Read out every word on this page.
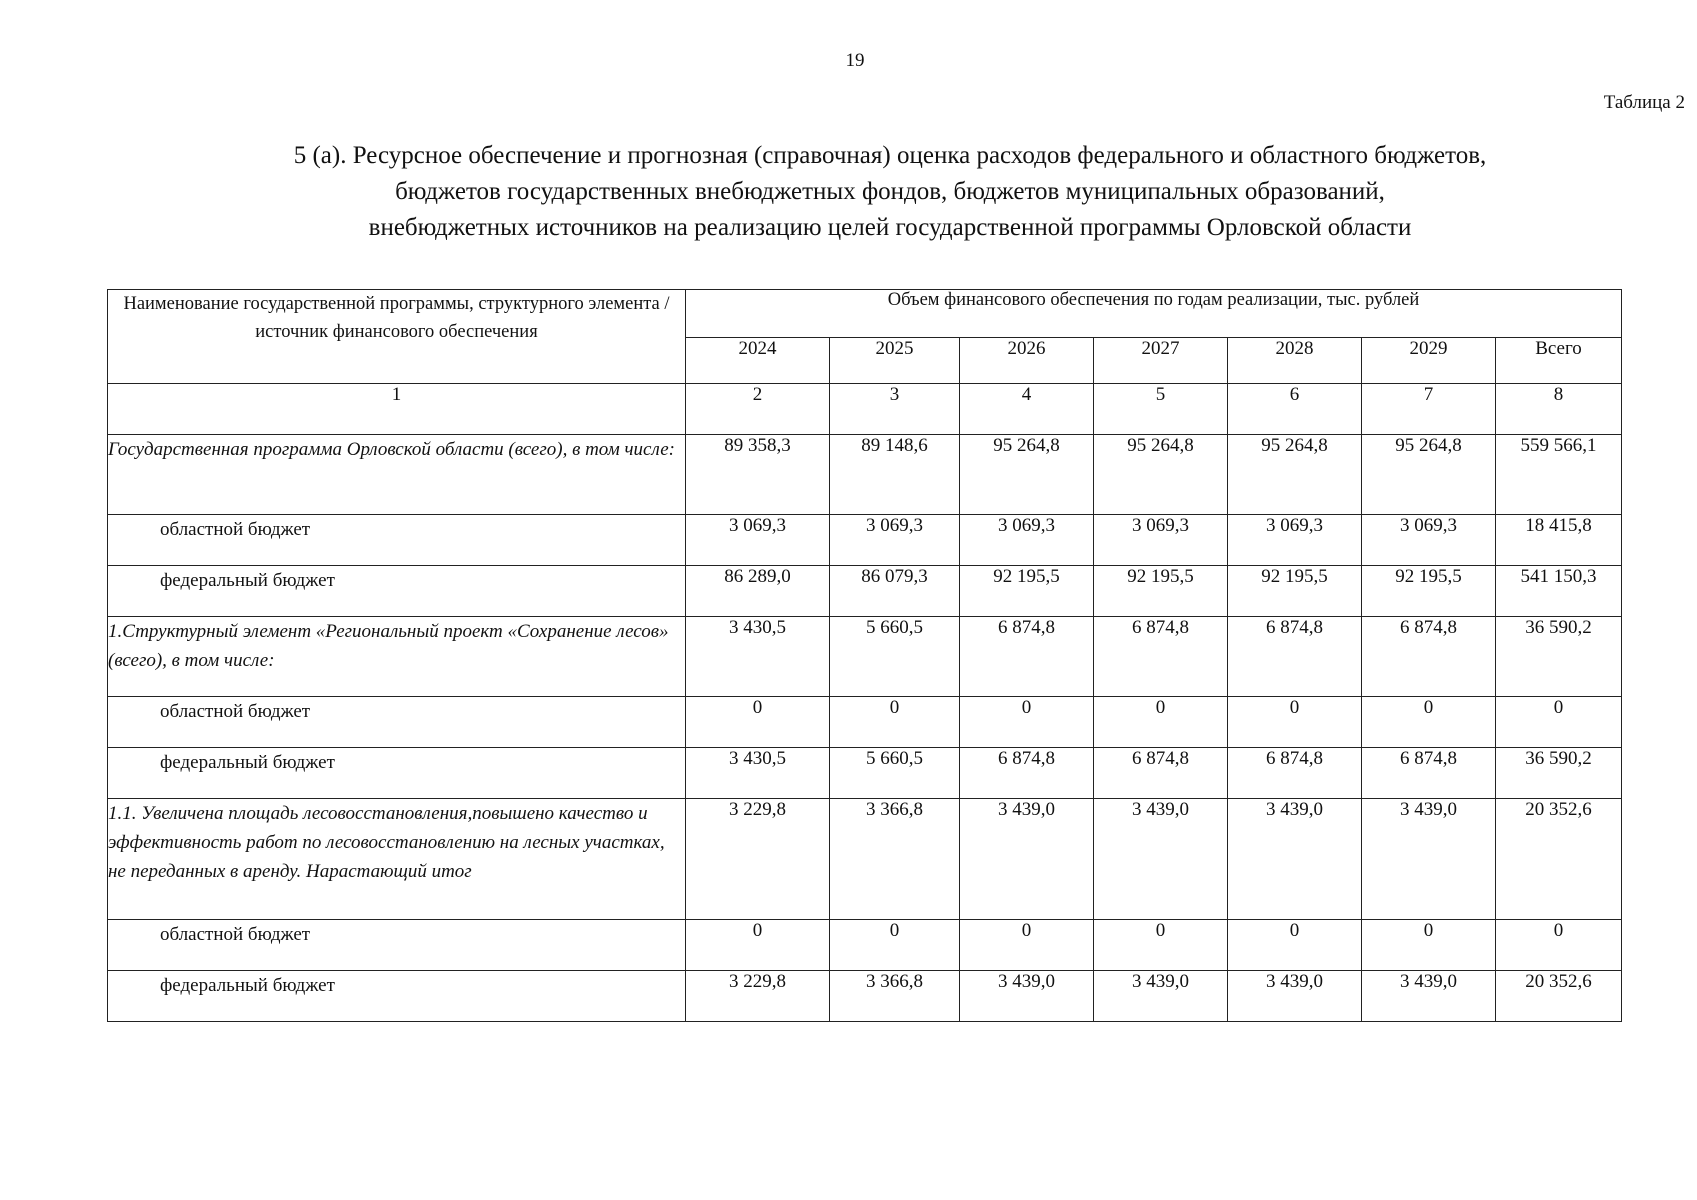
19
Таблица 2
5 (а). Ресурсное обеспечение и прогнозная (справочная) оценка расходов федерального и областного бюджетов,
бюджетов государственных внебюджетных фондов, бюджетов муниципальных образований,
внебюджетных источников на реализацию целей государственной программы Орловской области
Наименование государственной программы, структурного элемента / источник финансового обеспечения	Объем финансового обеспечения по годам реализации, тыс. рублей						
	2024	2025	2026	2027	2028	2029	Всего
1	2	3	4	5	6	7	8
Государственная программа Орловской области (всего), в том числе:	89 358,3	89 148,6	95 264,8	95 264,8	95 264,8	95 264,8	559 566,1
областной бюджет	3 069,3	3 069,3	3 069,3	3 069,3	3 069,3	3 069,3	18 415,8
федеральный бюджет	86 289,0	86 079,3	92 195,5	92 195,5	92 195,5	92 195,5	541 150,3
1.Структурный элемент «Региональный проект «Сохранение лесов» (всего), в том числе:	3 430,5	5 660,5	6 874,8	6 874,8	6 874,8	6 874,8	36 590,2
областной бюджет	0	0	0	0	0	0	0
федеральный бюджет	3 430,5	5 660,5	6 874,8	6 874,8	6 874,8	6 874,8	36 590,2
1.1. Увеличена площадь лесовосстановления,повышено качество и эффективность работ по лесовосстановлению на лесных участках, не переданных в аренду. Нарастающий итог	3 229,8	3 366,8	3 439,0	3 439,0	3 439,0	3 439,0	20 352,6
областной бюджет	0	0	0	0	0	0	0
федеральный бюджет	3 229,8	3 366,8	3 439,0	3 439,0	3 439,0	3 439,0	20 352,6
